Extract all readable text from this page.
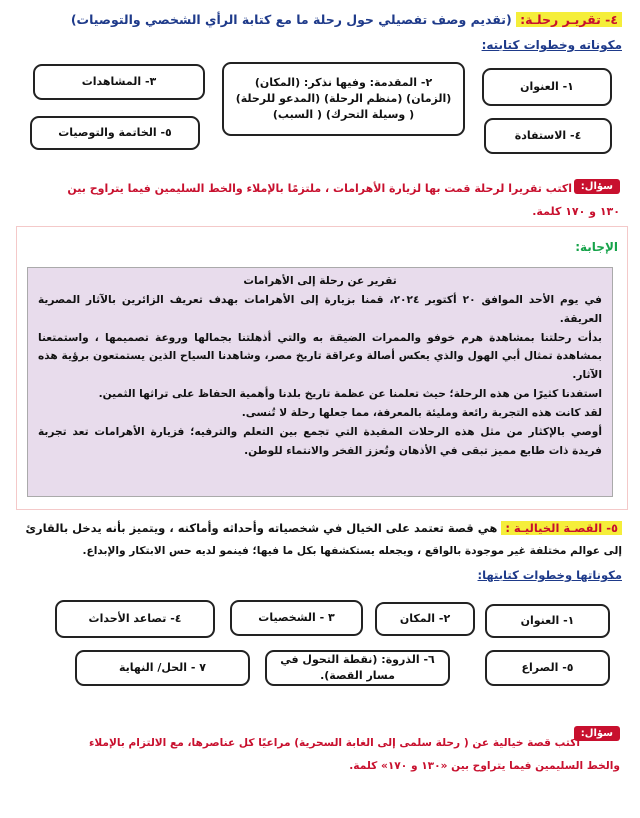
٤- تقريـر رحلـة: (تقديم وصف تفصيلي حول رحلة ما مع كتابة الرأي الشخصي والتوصيات)
مكوناته وخطوات كتابته:
١- العنوان
٢- المقدمة: وفيها نذكر: (المكان)
(الزمان) (منظم الرحلة) (المدعو للرحلة)
( وسيلة التحرك) ( السبب)
٣- المشاهدات
٤- الاستفادة
٥- الخاتمة والتوصيات
سؤال:
اكتب تقريرا لرحلة قمت بها لزيارة الأهرامات ، ملتزمًا بالإملاء والخط السليمين فيما يتراوح بين
١٣٠ و ١٧٠ كلمة.
الإجابة:

تقرير عن رحلة إلى الأهرامات

في يوم الأحد الموافق ٢٠ أكتوبر ٢٠٢٤، قمنا بزيارة إلى الأهرامات بهدف تعريف الزائرين بالآثار المصرية العريقة.

بدأت رحلتنا بمشاهدة هرم خوفو والممرات الضيقة به والتي أذهلتنا بجمالها وروعة تصميمها ، واستمتعنا بمشاهدة تمثال أبي الهول والذي يعكس أصالة وعراقة تاريخ مصر، وشاهدنا السياح الذين يستمتعون برؤية هذه الآثار.

استفدنا كثيرًا من هذه الرحلة؛ حيث تعلمنا عن عظمة تاريخ بلدنا وأهمية الحفاظ على تراثها الثمين.

لقد كانت هذه التجربة رائعة ومليئة بالمعرفة، مما جعلها رحلة لا تُنسى.

أوصي بالإكثار من مثل هذه الرحلات المفيدة التي تجمع بين التعلم والترفيه؛ فزيارة الأهرامات تعد تجربة فريدة ذات طابع مميز تبقى في الأذهان وتُعزز الفخر والانتماء للوطن.

٥- القصـة الخياليـة : هي قصة تعتمد على الخيال في شخصياته وأحداثه وأماكنه ، ويتميز بأنه يدخل بالقارئ
إلى عوالم مختلفة غير موجودة بالواقع ، ويجعله يستكشفها بكل ما فيها؛ فينمو لديه حس الابتكار والإبداع.
مكوناتها وخطوات كتابتها:
١- العنوان
٢- المكان
٣ - الشخصيات
٤- تصاعد الأحداث
٥- الصراع
٦- الذروة: (نقطة التحول في مسار القصة).
٧ - الحل/ النهاية
سؤال:
اكتب قصة خيالية عن ( رحلة سلمى إلى الغابة السحرية) مراعيًا كل عناصرها، مع الالتزام بالإملاء
والخط السليمين فيما يتراوح بين «١٣٠ و ١٧٠» كلمة.
